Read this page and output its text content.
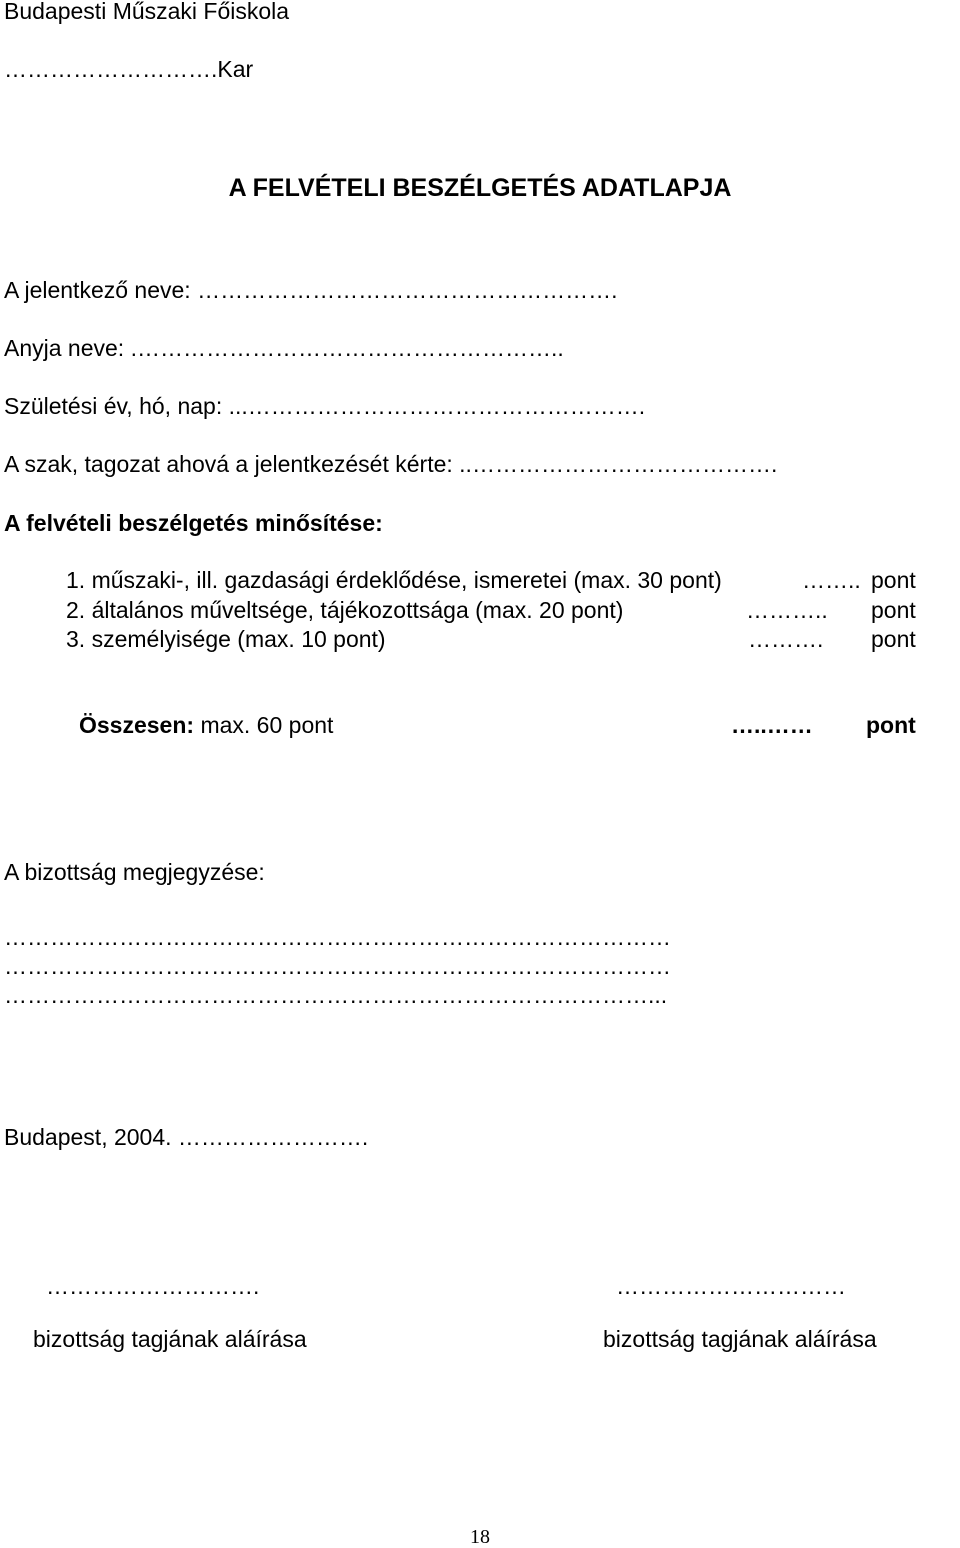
Budapesti Műszaki Főiskola
……………………….Kar
A FELVÉTELI BESZÉLGETÉS ADATLAPJA
A jelentkező neve: ……………………………………………….
Anyja neve: .………………………………………………..
Születési év, hó, nap: ...…………………………………………….
A szak, tagozat ahová a jelentkezését kérte: ..………………………………….
A felvételi beszélgetés minősítése:
1. műszaki-, ill. gazdasági érdeklődése, ismeretei (max. 30 pont)	…….. pont
2. általános műveltsége, tájékozottsága (max. 20 pont)	……….. pont
3. személyisége (max. 10 pont)	………. pont
Összesen: max. 60 pont	…..…… pont
A bizottság megjegyzése:
……………………………………………………………………………
……………………………………………………………………………
…………………………………………………………………………...
Budapest, 2004. …………………….
……………………….
bizottság tagjának aláírása
…………………………
bizottság tagjának aláírása
18
